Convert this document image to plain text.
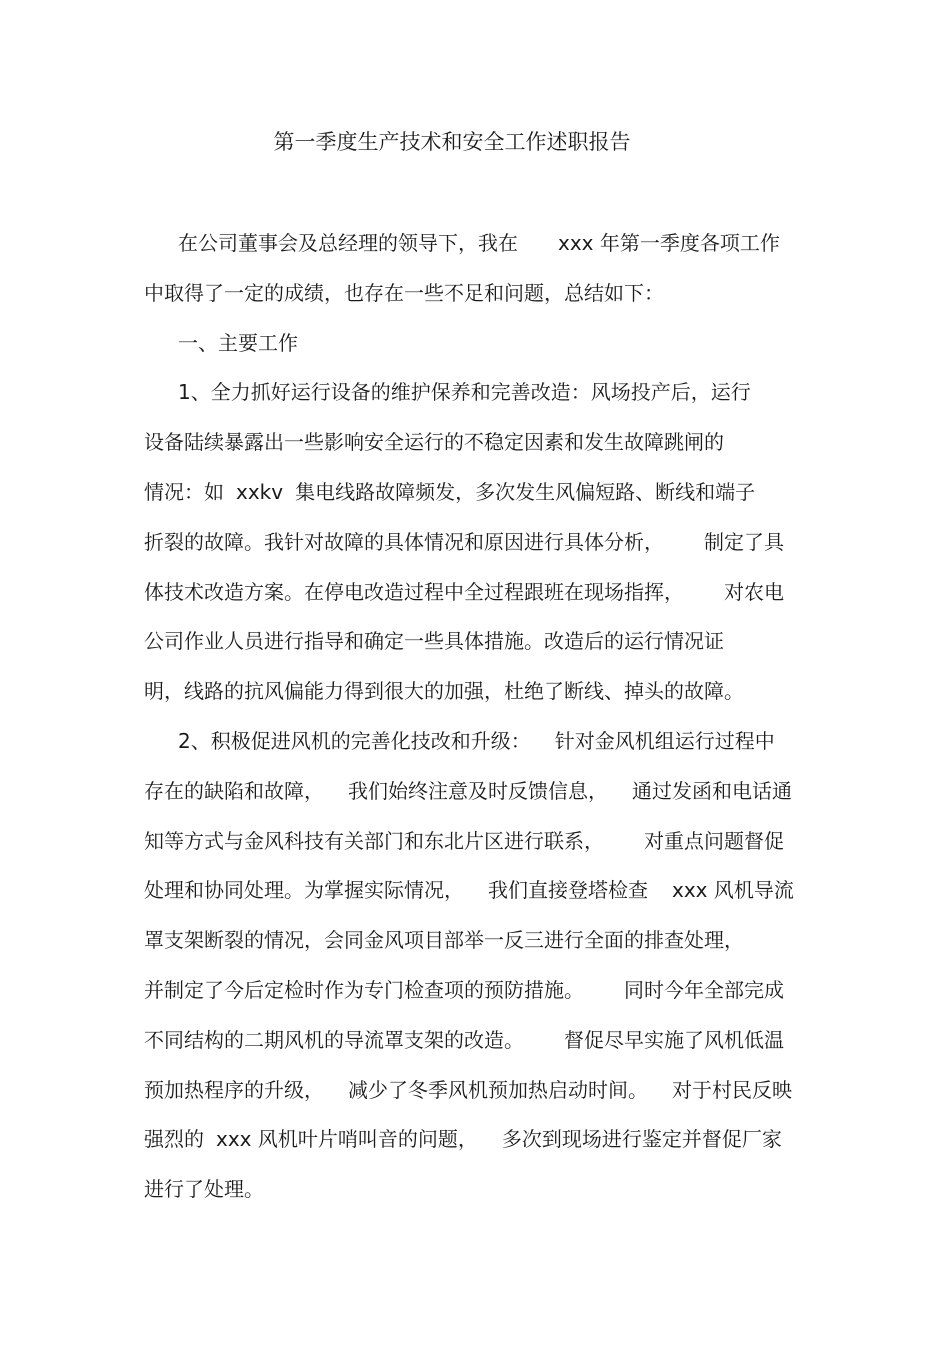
第一季度生产技术和安全工作述职报告
在公司董事会及总经理的领导下，我在 xxx 年第一季度各项工作
中取得了一定的成绩，也存在一些不足和问题，总结如下：
一、主要工作
1、全力抓好运行设备的维护保养和完善改造：风场投产后，运行
设备陆续暴露出一些影响安全运行的不稳定因素和发生故障跳闸的
情况：如 xxkv 集电线路故障频发，多次发生风偏短路、断线和端子
折裂的故障。我针对故障的具体情况和原因进行具体分析， 制定了具
体技术改造方案。在停电改造过程中全过程跟班在现场指挥， 对农电
公司作业人员进行指导和确定一些具体措施。改造后的运行情况证
明，线路的抗风偏能力得到很大的加强，杜绝了断线、掉头的故障。
2、积极促进风机的完善化技改和升级： 针对金风机组运行过程中
存在的缺陷和故障， 我们始终注意及时反馈信息， 通过发函和电话通
知等方式与金风科技有关部门和东北片区进行联系， 对重点问题督促
处理和协同处理。为掌握实际情况， 我们直接登塔检查 xxx 风机导流
罩支架断裂的情况，会同金风项目部举一反三进行全面的排查处理，
并制定了今后定检时作为专门检查项的预防措施。 同时今年全部完成
不同结构的二期风机的导流罩支架的改造。 督促尽早实施了风机低温
预加热程序的升级， 减少了冬季风机预加热启动时间。 对于村民反映
强烈的 xxx 风机叶片哨叫音的问题， 多次到现场进行鉴定并督促厂家
进行了处理。
